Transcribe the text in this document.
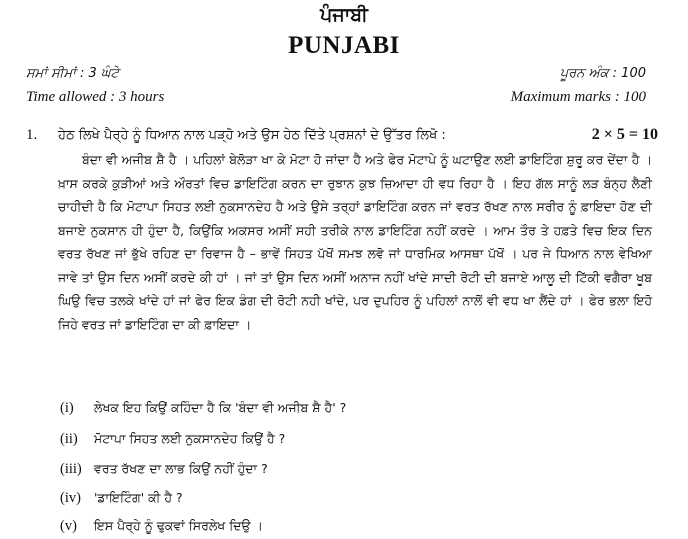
ਪੰਜਾਬੀ
PUNJABI
ਸਮਾਂ ਸੀਮਾਂ : 3 ਘੰਟੇ	ਪੂਰਨ ਅੰਕ : 100
Time allowed : 3 hours	Maximum marks : 100
1. ਹੇਠ ਲਿਖੇ ਪੈਰ੍ਹੇ ਨੂੰ ਧਿਆਨ ਨਾਲ ਪੜ੍ਹੋ ਅਤੇ ਉਸ ਹੇਠ ਦਿੱਤੇ ਪ੍ਰਸ਼ਨਾਂ ਦੇ ਉੱਤਰ ਲਿਖੋ :	2 × 5 = 10
ਬੰਦਾ ਵੀ ਅਜੀਬ ਸ਼ੈ ਹੈ । ਪਹਿਲਾਂ ਬੇਲੋੜਾ ਖਾ ਕੇ ਮੋਟਾ ਹੋ ਜਾਂਦਾ ਹੈ ਅਤੇ ਫੇਰ ਮੋਟਾਪੇ ਨੂੰ ਘਟਾਉਣ ਲਈ ਡਾਇਟਿੰਗ ਸ਼ੁਰੂ ਕਰ ਦੇਂਦਾ ਹੈ । ਖ਼ਾਸ ਕਰਕੇ ਕੁੜੀਆਂ ਅਤੇ ਔਰਤਾਂ ਵਿਚ ਡਾਇਟਿੰਗ ਕਰਨ ਦਾ ਰੁਝਾਨ ਕੁਝ ਜ਼ਿਆਦਾ ਹੀ ਵਧ ਰਿਹਾ ਹੈ । ਇਹ ਗੱਲ ਸਾਨੂੰ ਲੜ ਬੰਨ੍ਹ ਲੈਣੀ ਚਾਹੀਦੀ ਹੈ ਕਿ ਮੋਟਾਪਾ ਸਿਹਤ ਲਈ ਨੁਕਸਾਨਦੇਹ ਹੈ ਅਤੇ ਉਸੇ ਤਰ੍ਹਾਂ ਡਾਇਟਿੰਗ ਕਰਨ ਜਾਂ ਵਰਤ ਰੱਖਣ ਨਾਲ ਸਰੀਰ ਨੂੰ ਫ਼ਾਇਦਾ ਹੋਣ ਦੀ ਬਜਾਏ ਨੁਕਸਾਨ ਹੀ ਹੁੰਦਾ ਹੈ, ਕਿਉਂਕਿ ਅਕਸਰ ਅਸੀਂ ਸਹੀ ਤਰੀਕੇ ਨਾਲ ਡਾਇਟਿੰਗ ਨਹੀਂ ਕਰਦੇ । ਆਮ ਤੌਰ ਤੇ ਹਫ਼ਤੇ ਵਿਚ ਇਕ ਦਿਨ ਵਰਤ ਰੱਖਣ ਜਾਂ ਭੁੱਖੇ ਰਹਿਣ ਦਾ ਰਿਵਾਜ ਹੈ – ਭਾਵੇਂ ਸਿਹਤ ਪੱਖੋਂ ਸਮਝ ਲਵੋ ਜਾਂ ਧਾਰਮਿਕ ਆਸਥਾ ਪੱਖੋਂ । ਪਰ ਜੇ ਧਿਆਨ ਨਾਲ ਵੇਖਿਆ ਜਾਵੇ ਤਾਂ ਉਸ ਦਿਨ ਅਸੀਂ ਕਰਦੇ ਕੀ ਹਾਂ । ਜਾਂ ਤਾਂ ਉਸ ਦਿਨ ਅਸੀਂ ਅਨਾਜ ਨਹੀਂ ਖਾਂਦੇ ਸਾਦੀ ਰੋਟੀ ਦੀ ਬਜਾਏ ਆਲੂ ਦੀ ਟਿੱਕੀ ਵਗੈਰਾ ਖੂਬ ਘਿਉ ਵਿਚ ਤਲਕੇ ਖਾਂਦੇ ਹਾਂ ਜਾਂ ਫੇਰ ਇਕ ਡੰਗ ਦੀ ਰੋਟੀ ਨਹੀ ਖਾਂਦੇ, ਪਰ ਦੁਪਹਿਰ ਨੂੰ ਪਹਿਲਾਂ ਨਾਲੋਂ ਵੀ ਵਧ ਖਾ ਲੈਂਦੇ ਹਾਂ । ਫੇਰ ਭਲਾ ਇਹੋ ਜਿਹੇ ਵਰਤ ਜਾਂ ਡਾਇਟਿੰਗ ਦਾ ਕੀ ਫ਼ਾਇਦਾ ।
(i) ਲੇਖਕ ਇਹ ਕਿਉਂ ਕਹਿੰਦਾ ਹੈ ਕਿ 'ਬੰਦਾ ਵੀ ਅਜੀਬ ਸ਼ੈ ਹੈ' ?
(ii) ਮੋਟਾਪਾ ਸਿਹਤ ਲਈ ਨੁਕਸਾਨਦੇਹ ਕਿਉਂ ਹੈ ?
(iii) ਵਰਤ ਰੱਖਣ ਦਾ ਲਾਭ ਕਿਉਂ ਨਹੀਂ ਹੁੰਦਾ ?
(iv) 'ਡਾਇਟਿੰਗ' ਕੀ ਹੈ ?
(v) ਇਸ ਪੈਰ੍ਹੇ ਨੂੰ ਢੁਕਵਾਂ ਸਿਰਲੇਖ ਦਿਉ ।
